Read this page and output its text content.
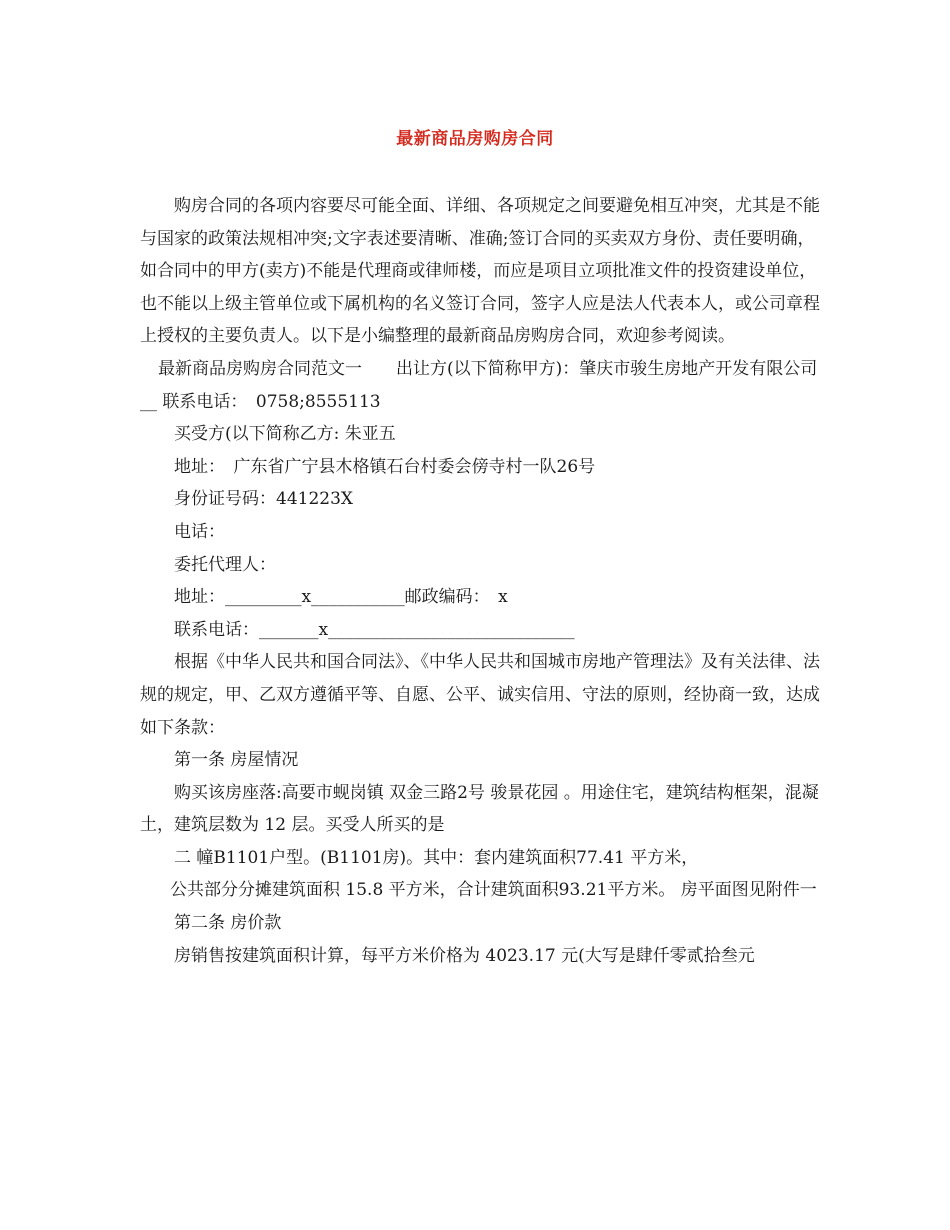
最新商品房购房合同

购房合同的各项内容要尽可能全面、详细、各项规定之间要避免相互冲突，尤其是不能与国家的政策法规相冲突;文字表述要清晰、准确;签订合同的买卖双方身份、责任要明确，如合同中的甲方(卖方)不能是代理商或律师楼，而应是项目立项批准文件的投资建设单位，也不能以上级主管单位或下属机构的名义签订合同，签字人应是法人代表本人，或公司章程上授权的主要负责人。以下是小编整理的最新商品房购房合同，欢迎参考阅读。

最新商品房购房合同范文一　　出让方(以下简称甲方)：肇庆市骏生房地产开发有限公司__ 联系电话：　0758;8555113

买受方(以下简称乙方: 朱亚五

地址：　广东省广宁县木格镇石台村委会傍寺村一队26号

身份证号码：441223X

电话：

委托代理人：

地址：_________x___________邮政编码：　x

联系电话：_______x_____________________________

根据《中华人民共和国合同法》、《中华人民共和国城市房地产管理法》及有关法律、法规的规定，甲、乙双方遵循平等、自愿、公平、诚实信用、守法的原则，经协商一致，达成如下条款：

第一条 房屋情况

购买该房座落:高要市蚬岗镇 双金三路2号 骏景花园 。用途住宅，建筑结构框架，混凝土，建筑层数为 12 层。买受人所买的是

二 幢B1101户型。(B1101房)。其中：套内建筑面积77.41 平方米，

公共部分分摊建筑面积 15.8 平方米，合计建筑面积93.21平方米。 房平面图见附件一

第二条 房价款

房销售按建筑面积计算，每平方米价格为 4023.17 元(大写是肆仟零贰拾叁元
